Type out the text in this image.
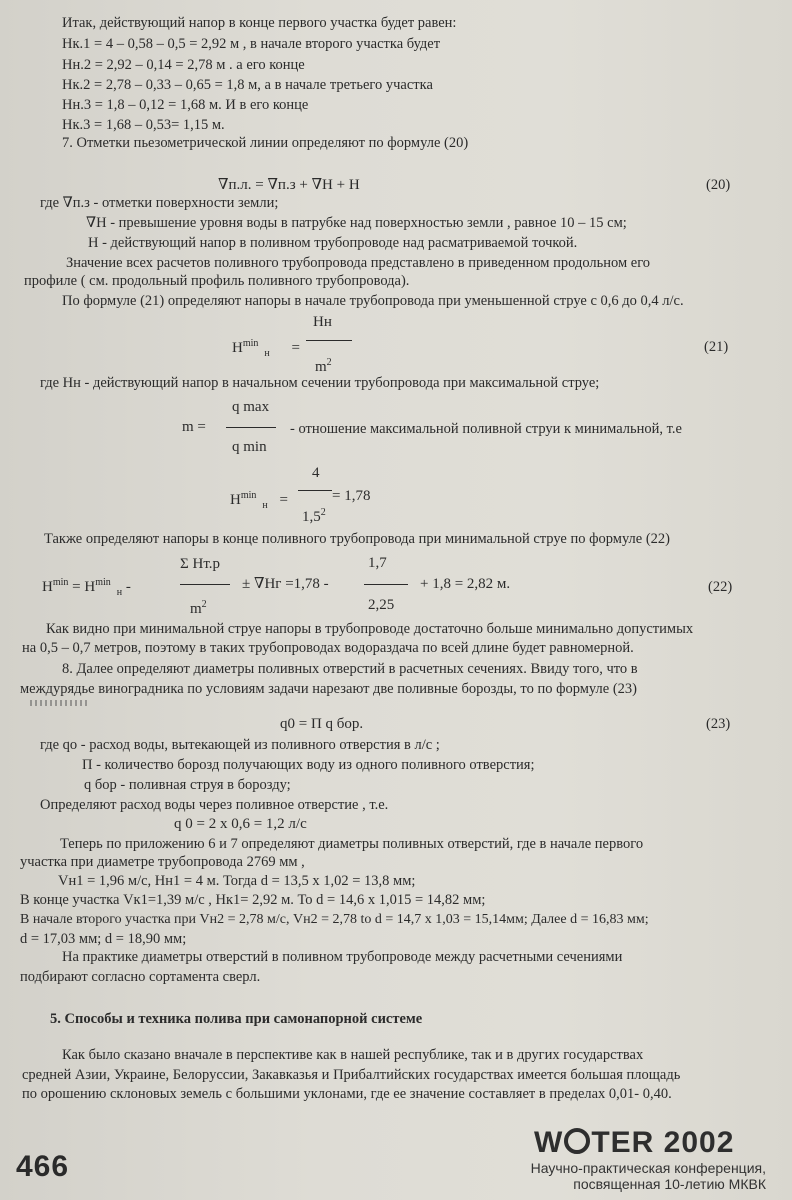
Итак, действующий напор в конце первого участка будет равен:
Нк.1 = 4 – 0,58 – 0,5 = 2,92 м , в начале второго участка будет
Нн.2 = 2,92 – 0,14 = 2,78 м . а его конце
Нк.2 = 2,78 – 0,33 – 0,65 = 1,8 м, а в начале третьего участка
Нн.3 = 1,8 – 0,12 = 1,68 м. И в его конце
Нк.3 = 1,68 – 0,53= 1,15 м.
7. Отметки пьезометрической линии определяют по формуле (20)
∇п.л. = ∇п.з + ∇H + H	(20)
где ∇п.з - отметки поверхности земли;
∇H - превышение уровня воды в патрубке над поверхностью земли , равное 10 – 15 см;
Н - действующий напор в поливном трубопроводе над расматриваемой точкой.
Значение всех расчетов поливного трубопровода представлено в приведенном продольном его
профиле ( см. продольный профиль поливного трубопровода).
По формуле (21) определяют напоры в начале трубопровода при уменьшенной струе с 0,6 до 0,4 л/с.
$H^{min}_н$ =
Hн
$m^2$
(21)
где Нн - действующий напор в начальном сечении трубопровода при максимальной струе;
m =
q max
q min
- отношение максимальной поливной струи к минимальной, т.е
$H^{min}_н$ =
4
$1,5^2$
= 1,78
Также определяют напоры в конце поливного трубопровода при минимальной струе по формуле (22)
$H^{min} = H^{min}_н$ -
Σ Hт.р
$m^2$
± ∇Hг =1,78 -
1,7
2,25
+ 1,8 = 2,82 м.	(22)
Как видно при минимальной струе напоры в трубопроводе достаточно больше минимально допустимых
на 0,5 – 0,7 метров, поэтому в таких трубопроводах водораздача по всей длине будет равномерной.
8. Далее определяют диаметры поливных отверстий в расчетных сечениях. Ввиду того, что в
междурядье виноградника по условиям задачи нарезают две поливные борозды, то по формуле (23)
q0 = П q бор.	(23)
где qo - расход воды, вытекающей из поливного отверстия в л/с ;
П - количество борозд получающих воду из одного поливного отверстия;
q бор - поливная струя в борозду;
Определяют расход воды через поливное отверстие , т.е.
q 0 = 2 x 0,6 = 1,2 л/с
Теперь по приложению 6 и 7 определяют диаметры поливных отверстий, где в начале первого
участка при диаметре трубопровода 2769 мм ,
Vн1 = 1,96 м/с, Нн1 = 4 м. Тогда d = 13,5 x 1,02 = 13,8 мм;
В конце участка Vк1=1,39 м/с , Нк1= 2,92 м. То d = 14,6 x 1,015 = 14,82 мм;
В начале второго участка при Vн2 = 2,78 м/с, Vн2 = 2,78 to d = 14,7 x 1,03 = 15,14мм; Далее d = 16,83 мм;
d = 17,03 мм; d = 18,90 мм;
На практике диаметры отверстий в поливном трубопроводе между расчетными сечениями
подбирают согласно сортамента сверл.
5. Способы и техника полива при самонапорной системе
Как было сказано вначале в перспективе как в нашей республике, так и в других государствах
средней Азии, Украине, Белоруссии, Закавказья и Прибалтийских государствах имеется большая площадь
по орошению склоновых земель с большими уклонами, где ее значение составляет в пределах 0,01- 0,40.
466
W TER 2002
Научно-практическая конференция,
посвященная 10-летию МКВК
